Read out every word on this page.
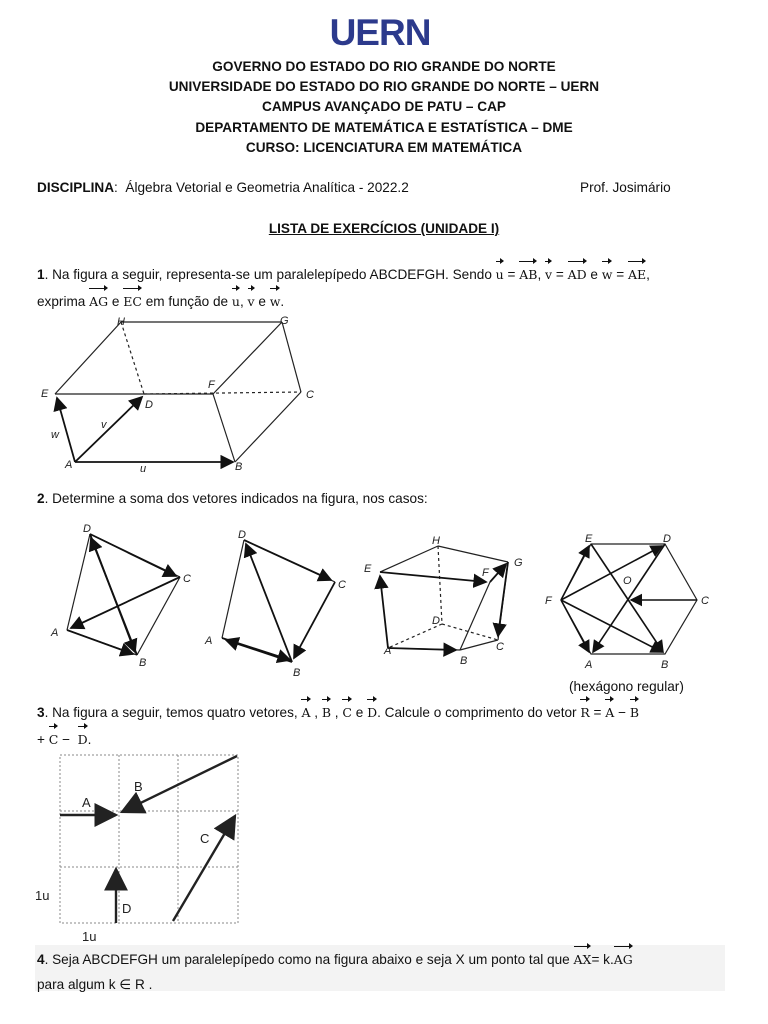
UERN
GOVERNO DO ESTADO DO RIO GRANDE DO NORTE
UNIVERSIDADE DO ESTADO DO RIO GRANDE DO NORTE – UERN
CAMPUS AVANÇADO DE PATU – CAP
DEPARTAMENTO DE MATEMÁTICA E ESTATÍSTICA – DME
CURSO: LICENCIATURA EM MATEMÁTICA
DISCIPLINA:  Álgebra Vetorial e Geometria Analítica - 2022.2	Prof. Josimário
LISTA DE EXERCÍCIOS (UNIDADE I)
1. Na figura a seguir, representa-se um paralelepípedo ABCDEFGH. Sendo u = AB, v = AD e w = AE,
exprima AG e EC em função de u, v e w.
A	B
C
D
E
F
G
H
u
v
w
2. Determine a soma dos vetores indicados na figura, nos casos:
D
C
A
B
D
C
A
B
H
E	F
G
D
C
A
B
E	D
F	C
O
A	B
(hexágono regular)
3. Na figura a seguir, temos quatro vetores, A , B , C e D. Calcule o comprimento do vetor R = A − B
+ C −  D.
A
B
C
D
1u
1u
4. Seja ABCDEFGH um paralelepípedo como na figura abaixo e seja X um ponto tal que AX= k.AG
para algum k ∈ R .
